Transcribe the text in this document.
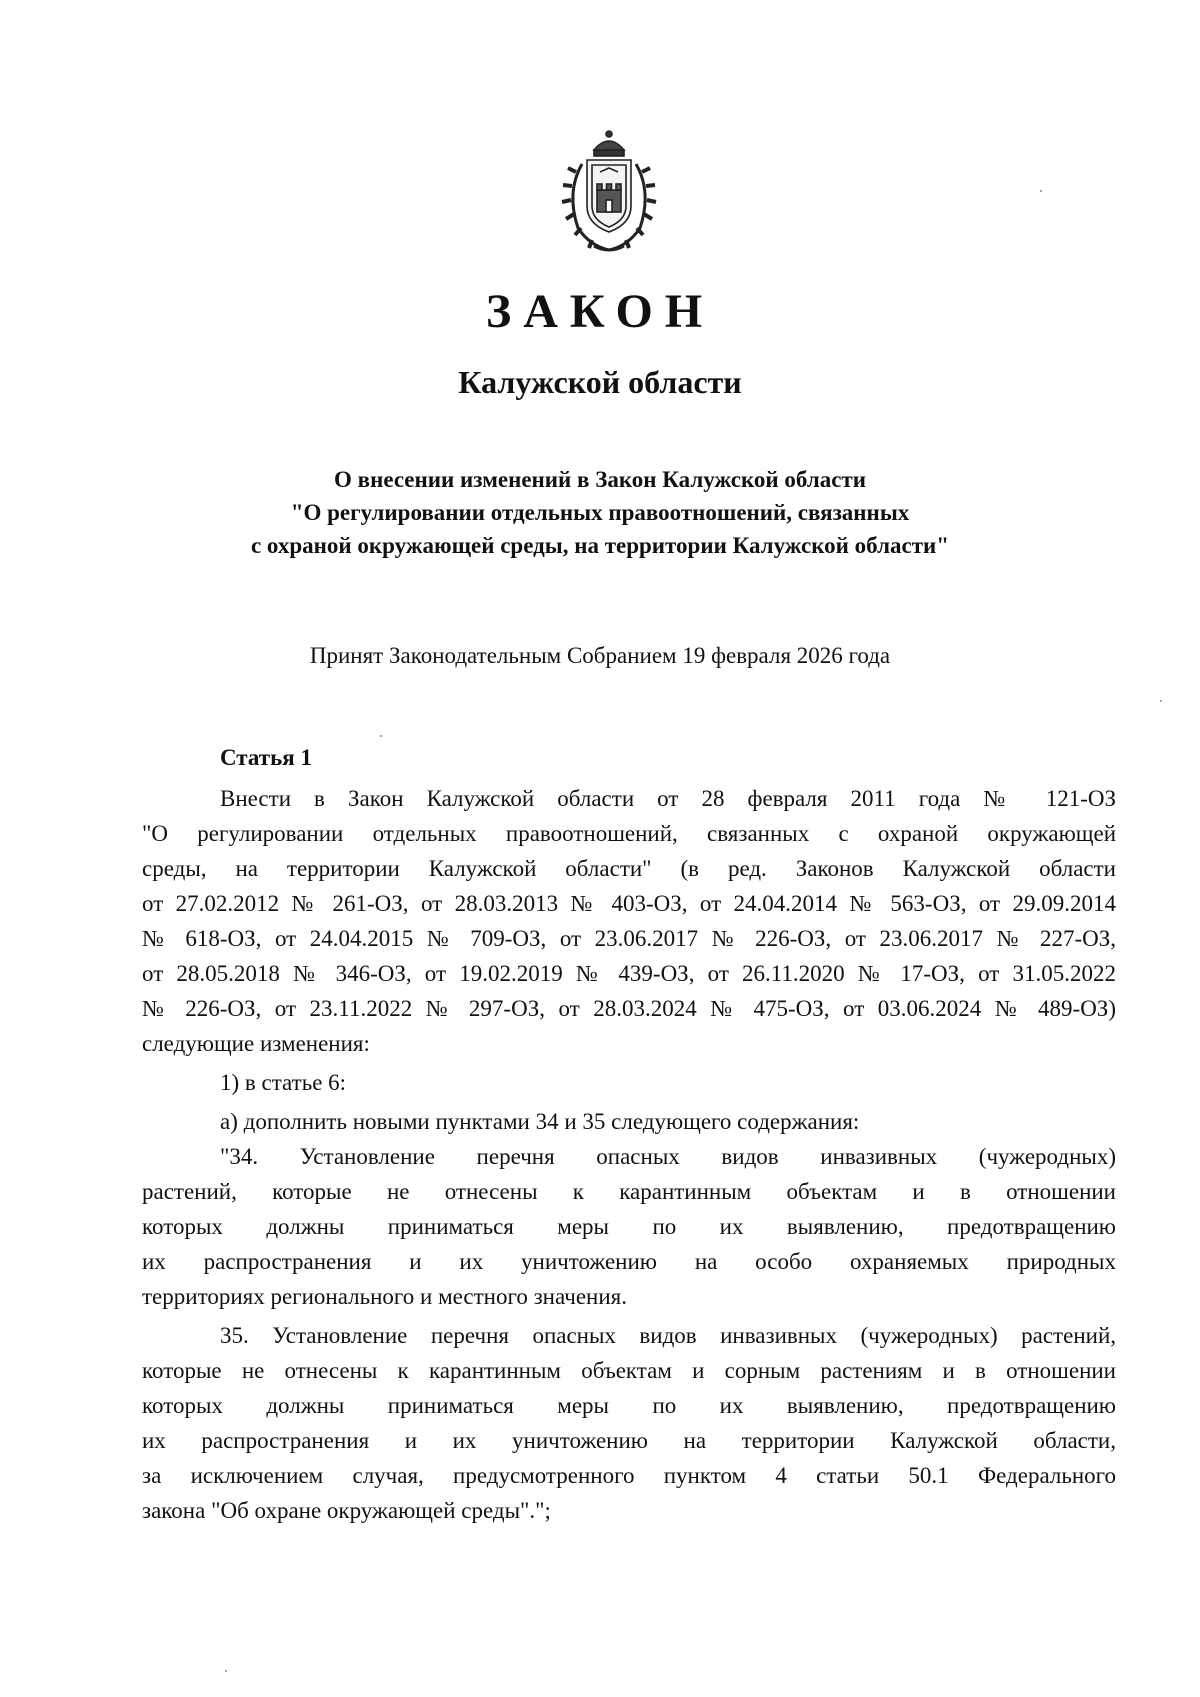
ЗАКОН
Калужской области
О внесении изменений в Закон Калужской области
"О регулировании отдельных правоотношений, связанных
с охраной окружающей среды, на территории Калужской области"
Принят Законодательным Собранием 19 февраля 2026 года
Статья 1
Внести в Закон Калужской области от 28 февраля 2011 года № 121-ОЗ
"О регулировании отдельных правоотношений, связанных с охраной окружающей
среды, на территории Калужской области" (в ред. Законов Калужской области
от 27.02.2012 № 261-ОЗ, от 28.03.2013 № 403-ОЗ, от 24.04.2014 № 563-ОЗ, от 29.09.2014
№ 618-ОЗ, от 24.04.2015 № 709-ОЗ, от 23.06.2017 № 226-ОЗ, от 23.06.2017 № 227-ОЗ,
от 28.05.2018 № 346-ОЗ, от 19.02.2019 № 439-ОЗ, от 26.11.2020 № 17-ОЗ, от 31.05.2022
№ 226-ОЗ, от 23.11.2022 № 297-ОЗ, от 28.03.2024 № 475-ОЗ, от 03.06.2024 № 489-ОЗ)
следующие изменения:
1) в статье 6:
а) дополнить новыми пунктами 34 и 35 следующего содержания:
"34. Установление перечня опасных видов инвазивных (чужеродных)
растений, которые не отнесены к карантинным объектам и в отношении
которых должны приниматься меры по их выявлению, предотвращению
их распространения и их уничтожению на особо охраняемых природных
территориях регионального и местного значения.
35. Установление перечня опасных видов инвазивных (чужеродных) растений,
которые не отнесены к карантинным объектам и сорным растениям и в отношении
которых должны приниматься меры по их выявлению, предотвращению
их распространения и их уничтожению на территории Калужской области,
за исключением случая, предусмотренного пунктом 4 статьи 50.1 Федерального
закона "Об охране окружающей среды".";
